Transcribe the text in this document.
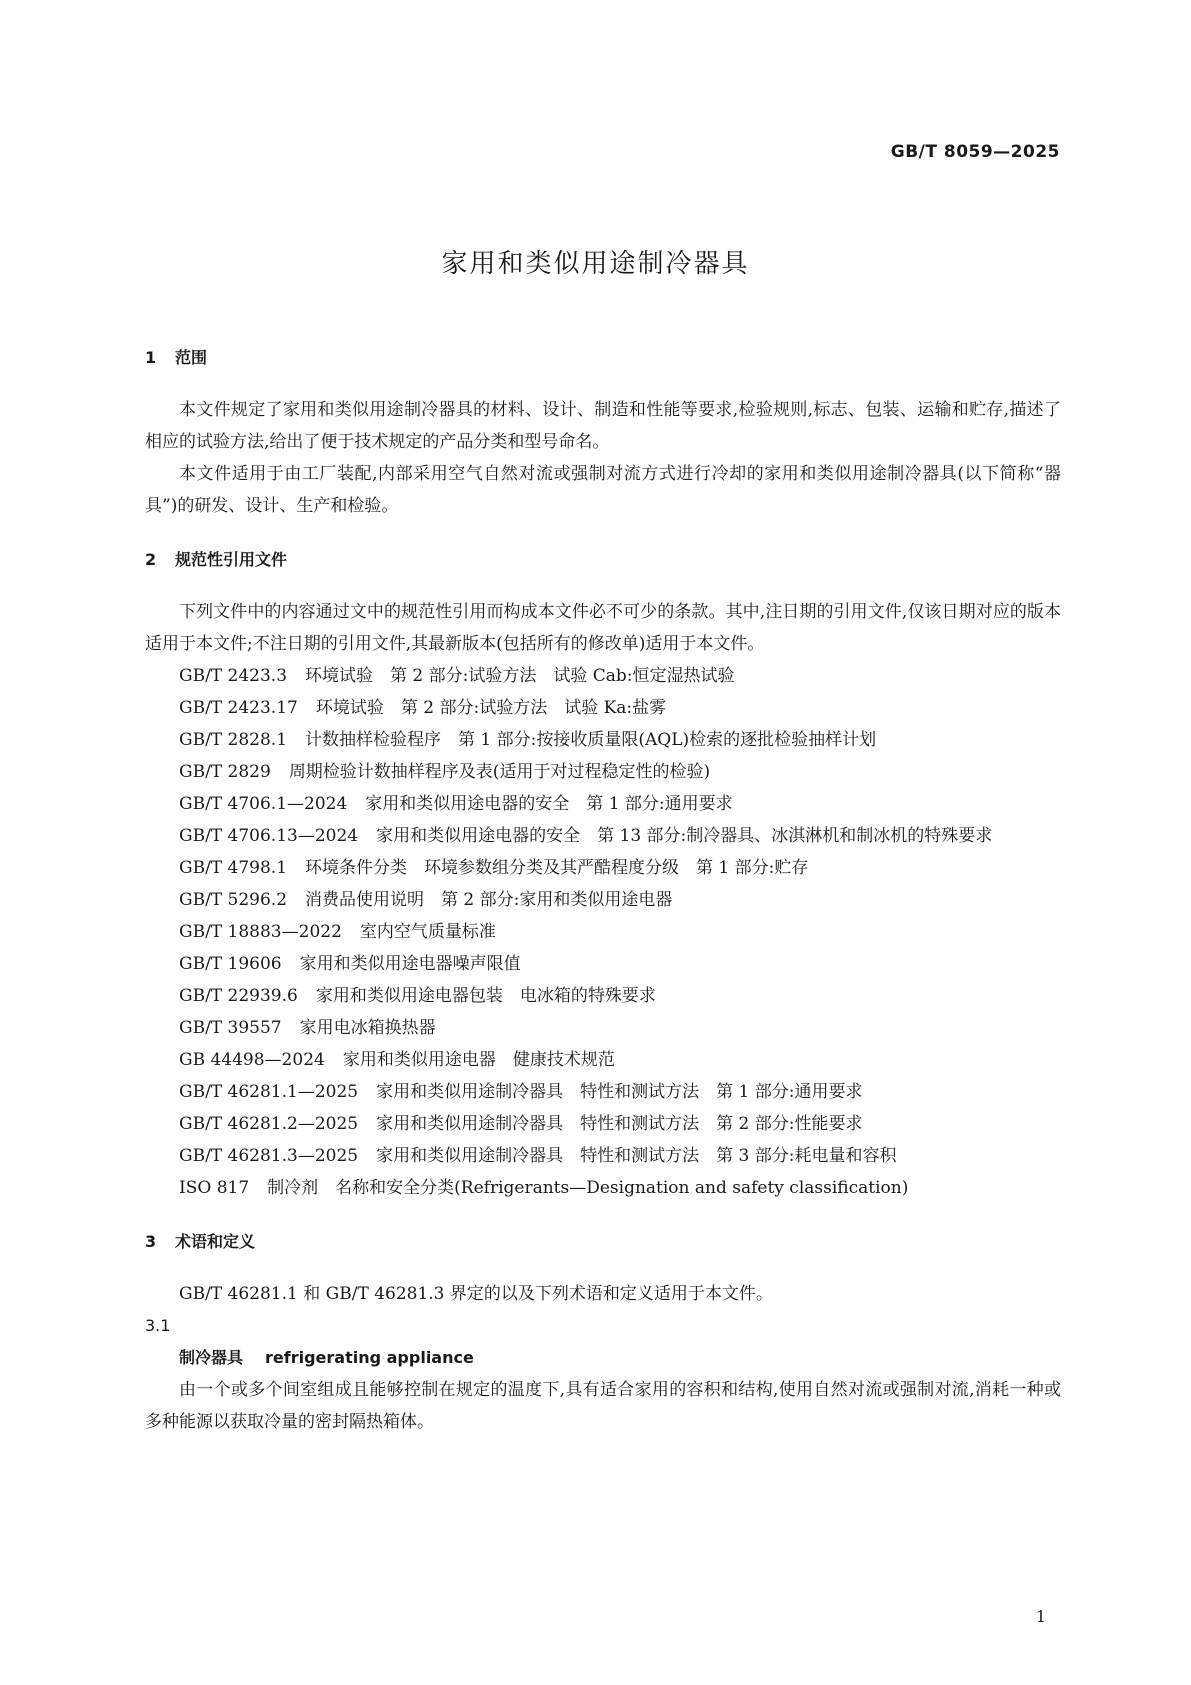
GB/T 8059—2025
家用和类似用途制冷器具
1 范围

本文件规定了家用和类似用途制冷器具的材料、设计、制造和性能等要求,检验规则,标志、包装、运输和贮存,描述了相应的试验方法,给出了便于技术规定的产品分类和型号命名。

本文件适用于由工厂装配,内部采用空气自然对流或强制对流方式进行冷却的家用和类似用途制冷器具(以下简称“器具”)的研发、设计、生产和检验。

2 规范性引用文件

下列文件中的内容通过文中的规范性引用而构成本文件必不可少的条款。其中,注日期的引用文件,仅该日期对应的版本适用于本文件;不注日期的引用文件,其最新版本(包括所有的修改单)适用于本文件。

GB/T 2423.3 环境试验　第 2 部分:试验方法　试验 Cab:恒定湿热试验
GB/T 2423.17 环境试验　第 2 部分:试验方法　试验 Ka:盐雾
GB/T 2828.1 计数抽样检验程序　第 1 部分:按接收质量限(AQL)检索的逐批检验抽样计划
GB/T 2829 周期检验计数抽样程序及表(适用于对过程稳定性的检验)
GB/T 4706.1—2024 家用和类似用途电器的安全　第 1 部分:通用要求
GB/T 4706.13—2024 家用和类似用途电器的安全　第 13 部分:制冷器具、冰淇淋机和制冰机的特殊要求
GB/T 4798.1 环境条件分类　环境参数组分类及其严酷程度分级　第 1 部分:贮存
GB/T 5296.2 消费品使用说明　第 2 部分:家用和类似用途电器
GB/T 18883—2022 室内空气质量标准
GB/T 19606 家用和类似用途电器噪声限值
GB/T 22939.6 家用和类似用途电器包装　电冰箱的特殊要求
GB/T 39557 家用电冰箱换热器
GB 44498—2024 家用和类似用途电器　健康技术规范
GB/T 46281.1—2025 家用和类似用途制冷器具　特性和测试方法　第 1 部分:通用要求
GB/T 46281.2—2025 家用和类似用途制冷器具　特性和测试方法　第 2 部分:性能要求
GB/T 46281.3—2025 家用和类似用途制冷器具　特性和测试方法　第 3 部分:耗电量和容积
ISO 817 制冷剂　名称和安全分类(Refrigerants—Designation and safety classification)
3 术语和定义

GB/T 46281.1 和 GB/T 46281.3 界定的以及下列术语和定义适用于本文件。

3.1
制冷器具 refrigerating appliance

由一个或多个间室组成且能够控制在规定的温度下,具有适合家用的容积和结构,使用自然对流或强制对流,消耗一种或多种能源以获取冷量的密封隔热箱体。

1
